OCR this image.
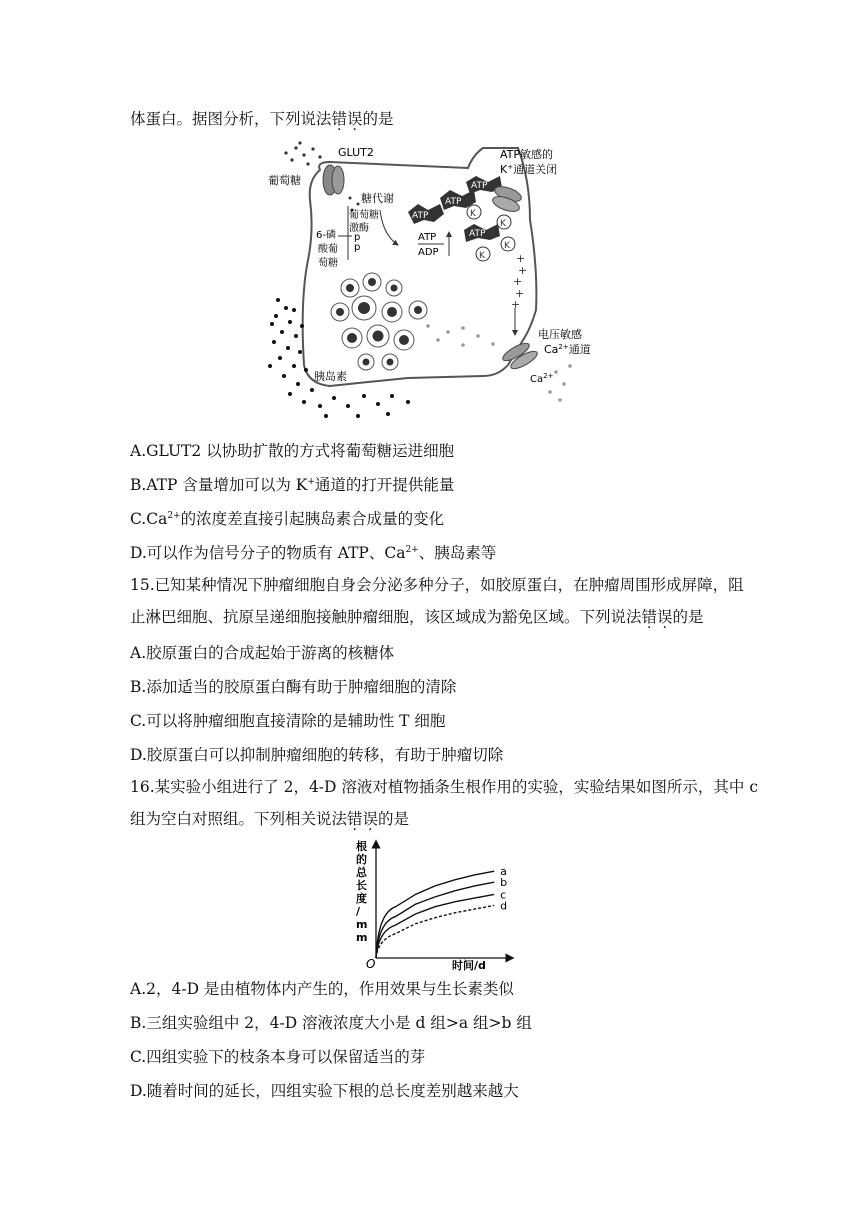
体蛋白。据图分析，下列说法错误的是
葡萄糖
GLUT2
糖代谢
葡萄糖
激酶
6-磷
酸葡
萄糖
p
p
ATP
ADP
ATP
ATP
ATP
ATP
K
K
K
K
ATP敏感的
K+通道关闭
+
+
+
+
+
电压敏感
$Ca^{2+}$通道
$Ca^{2+}$
胰岛素
A.GLUT2 以协助扩散的方式将葡萄糖运进细胞
B.ATP 含量增加可以为 K+通道的打开提供能量
$C.Ca^{2+}$的浓度差直接引起胰岛素合成量的变化
D.可以作为信号分子的物质有 ATP、$Ca^{2+}$、胰岛素等
15.已知某种情况下肿瘤细胞自身会分泌多种分子，如胶原蛋白，在肿瘤周围形成屏障，阻
止淋巴细胞、抗原呈递细胞接触肿瘤细胞，该区域成为豁免区域。下列说法错误的是
A.胶原蛋白的合成起始于游离的核糖体
B.添加适当的胶原蛋白酶有助于肿瘤细胞的清除
C.可以将肿瘤细胞直接清除的是辅助性 T 细胞
D.胶原蛋白可以抑制肿瘤细胞的转移，有助于肿瘤切除
16.某实验小组进行了 2，4-D 溶液对植物插条生根作用的实验，实验结果如图所示，其中 c
组为空白对照组。下列相关说法错误的是
根
的
总
长
度
/
m
m
O	时间/d
a
b
c
d
A.2，4-D 是由植物体内产生的，作用效果与生长素类似
B.三组实验组中 2，4-D 溶液浓度大小是 d 组>a 组>b 组
C.四组实验下的枝条本身可以保留适当的芽
D.随着时间的延长，四组实验下根的总长度差别越来越大
